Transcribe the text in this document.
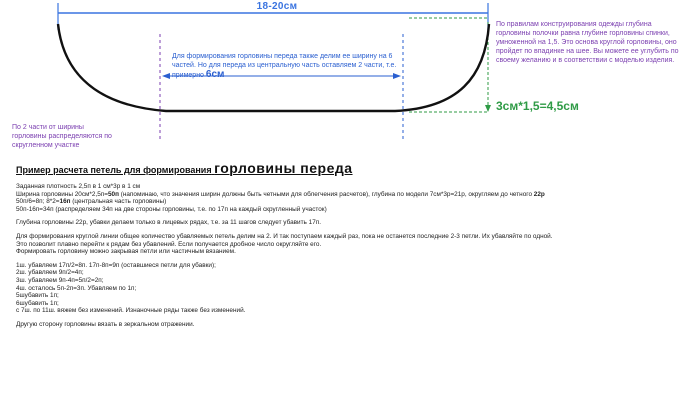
18-20см
Для формирования горловины переда также делим ее ширину на 6 частей. Но для переда из центральную часть оставляем 2 части, т.е. примерно 6см
По правилам конструирования одежды глубина горловины полочки равна глубине горловины спинки, умноженной на 1,5. Это основа круглой горловины, оно пройдет по впадинке на шее. Вы можете ее углубить по своему желанию и в соответствии с моделью изделия.
3см*1,5=4,5см
По 2 части от ширины горловины распределяются по скругленном участке
Пример расчета петель для формирования горловины переда
Заданная плотность 2,5п в 1 см*3р в 1 см
Ширина горловины 20см*2,5п=50п (напоминаю, что значения ширин должны быть четными для облегчения расчетов), глубина по модели 7см*3р=21р, округляем до четного 22р
50п/6=8п; 8*2=16п (центральная часть горловины)
50п-16п=34п (распределяем 34п на две стороны горловины, т.е. по 17п на каждый скругленный участок)
Глубина горловины 22р, убавки делаем только в лицевых рядах, т.е. за 11 шагов следует убавить 17п.
Для формирования круглой линии общее количество убавляемых петель делим на 2. И так поступаем каждый раз, пока не останется последние 2-3 петли. Их убавляйте по одной.
Это позволит плавно перейти к рядам без убавлений. Если получается дробное число округляйте его.
Формировать горловину можно закрывая петли или частичным вязанием.
1ш. убавляем 17п/2=8п. 17п-8п=9п (оставшиеся петли для убавки);
2ш. убавляем 9п/2=4п;
3ш. убавляем 9п-4п=5п/2=2п;
4ш. осталось 5п-2п=3п. Убавляем по 1п;
5шубавить 1п;
6шубавить 1п;
с 7ш. по 11ш. вяжем без изменений. Изнаночные ряды также без изменений.
Другую сторону горловины вязать в зеркальном отражении.
